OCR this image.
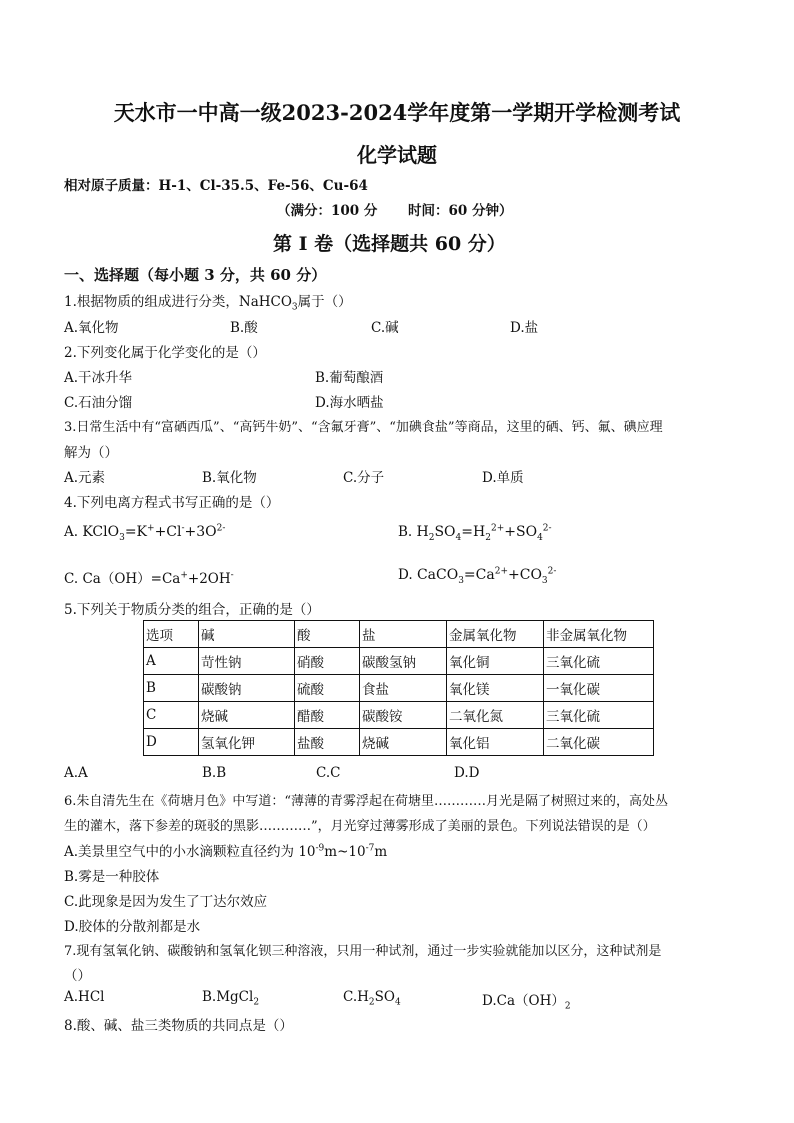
天水市一中高一级2023-2024学年度第一学期开学检测考试
化学试题
相对原子质量：H-1、Cl-35.5、Fe-56、Cu-64
（满分：100 分 时间：60 分钟）
第 I 卷（选择题共 60 分）
一、选择题（每小题 3 分，共 60 分）
1.根据物质的组成进行分类，NaHCO$_3$属于（）
A.氧化物	B.酸	C.碱	D.盐
2.下列变化属于化学变化的是（）
A.干冰升华	B.葡萄酿酒
C.石油分馏	D.海水晒盐
3.日常生活中有“富硒西瓜”、“高钙牛奶”、“含氟牙膏”、“加碘食盐”等商品，这里的硒、钙、氟、碘应理
解为（）
A.元素	B.氧化物	C.分子	D.单质
4.下列电离方程式书写正确的是（）
A. $KClO_3=K^++Cl^-+3O^{2-}$	B. $H_2SO_4=H_2^{2+}+SO_4^{2-}$
C. Ca（OH）=Ca++2OH-	D. $CaCO_3=Ca^{2+}+CO_3^{2-}$
5.下列关于物质分类的组合，正确的是（）
选项	碱	酸	盐	金属氧化物	非金属氧化物
A	苛性钠	硝酸	碳酸氢钠	氧化铜	三氧化硫
B	碳酸钠	硫酸	食盐	氧化镁	一氧化碳
C	烧碱	醋酸	碳酸铵	二氧化氮	三氧化硫
D	氢氧化钾	盐酸	烧碱	氧化铝	二氧化碳
A.A	B.B	C.C	D.D
6.朱自清先生在《荷塘月色》中写道：“薄薄的青雾浮起在荷塘里…………月光是隔了树照过来的，高处丛
生的灌木，落下参差的斑驳的黑影…………”，月光穿过薄雾形成了美丽的景色。下列说法错误的是（）
A.美景里空气中的小水滴颗粒直径约为 $10^{-9}m\sim 10^{-7}m$
B.雾是一种胶体
C.此现象是因为发生了丁达尔效应
D.胶体的分散剂都是水
7.现有氢氧化钠、碳酸钠和氢氧化钡三种溶液，只用一种试剂，通过一步实验就能加以区分，这种试剂是
（）
A.HCl	B.MgCl$_2$	$C.H_2SO_4$	$D.Ca(OH)_2$
8.酸、碱、盐三类物质的共同点是（）
